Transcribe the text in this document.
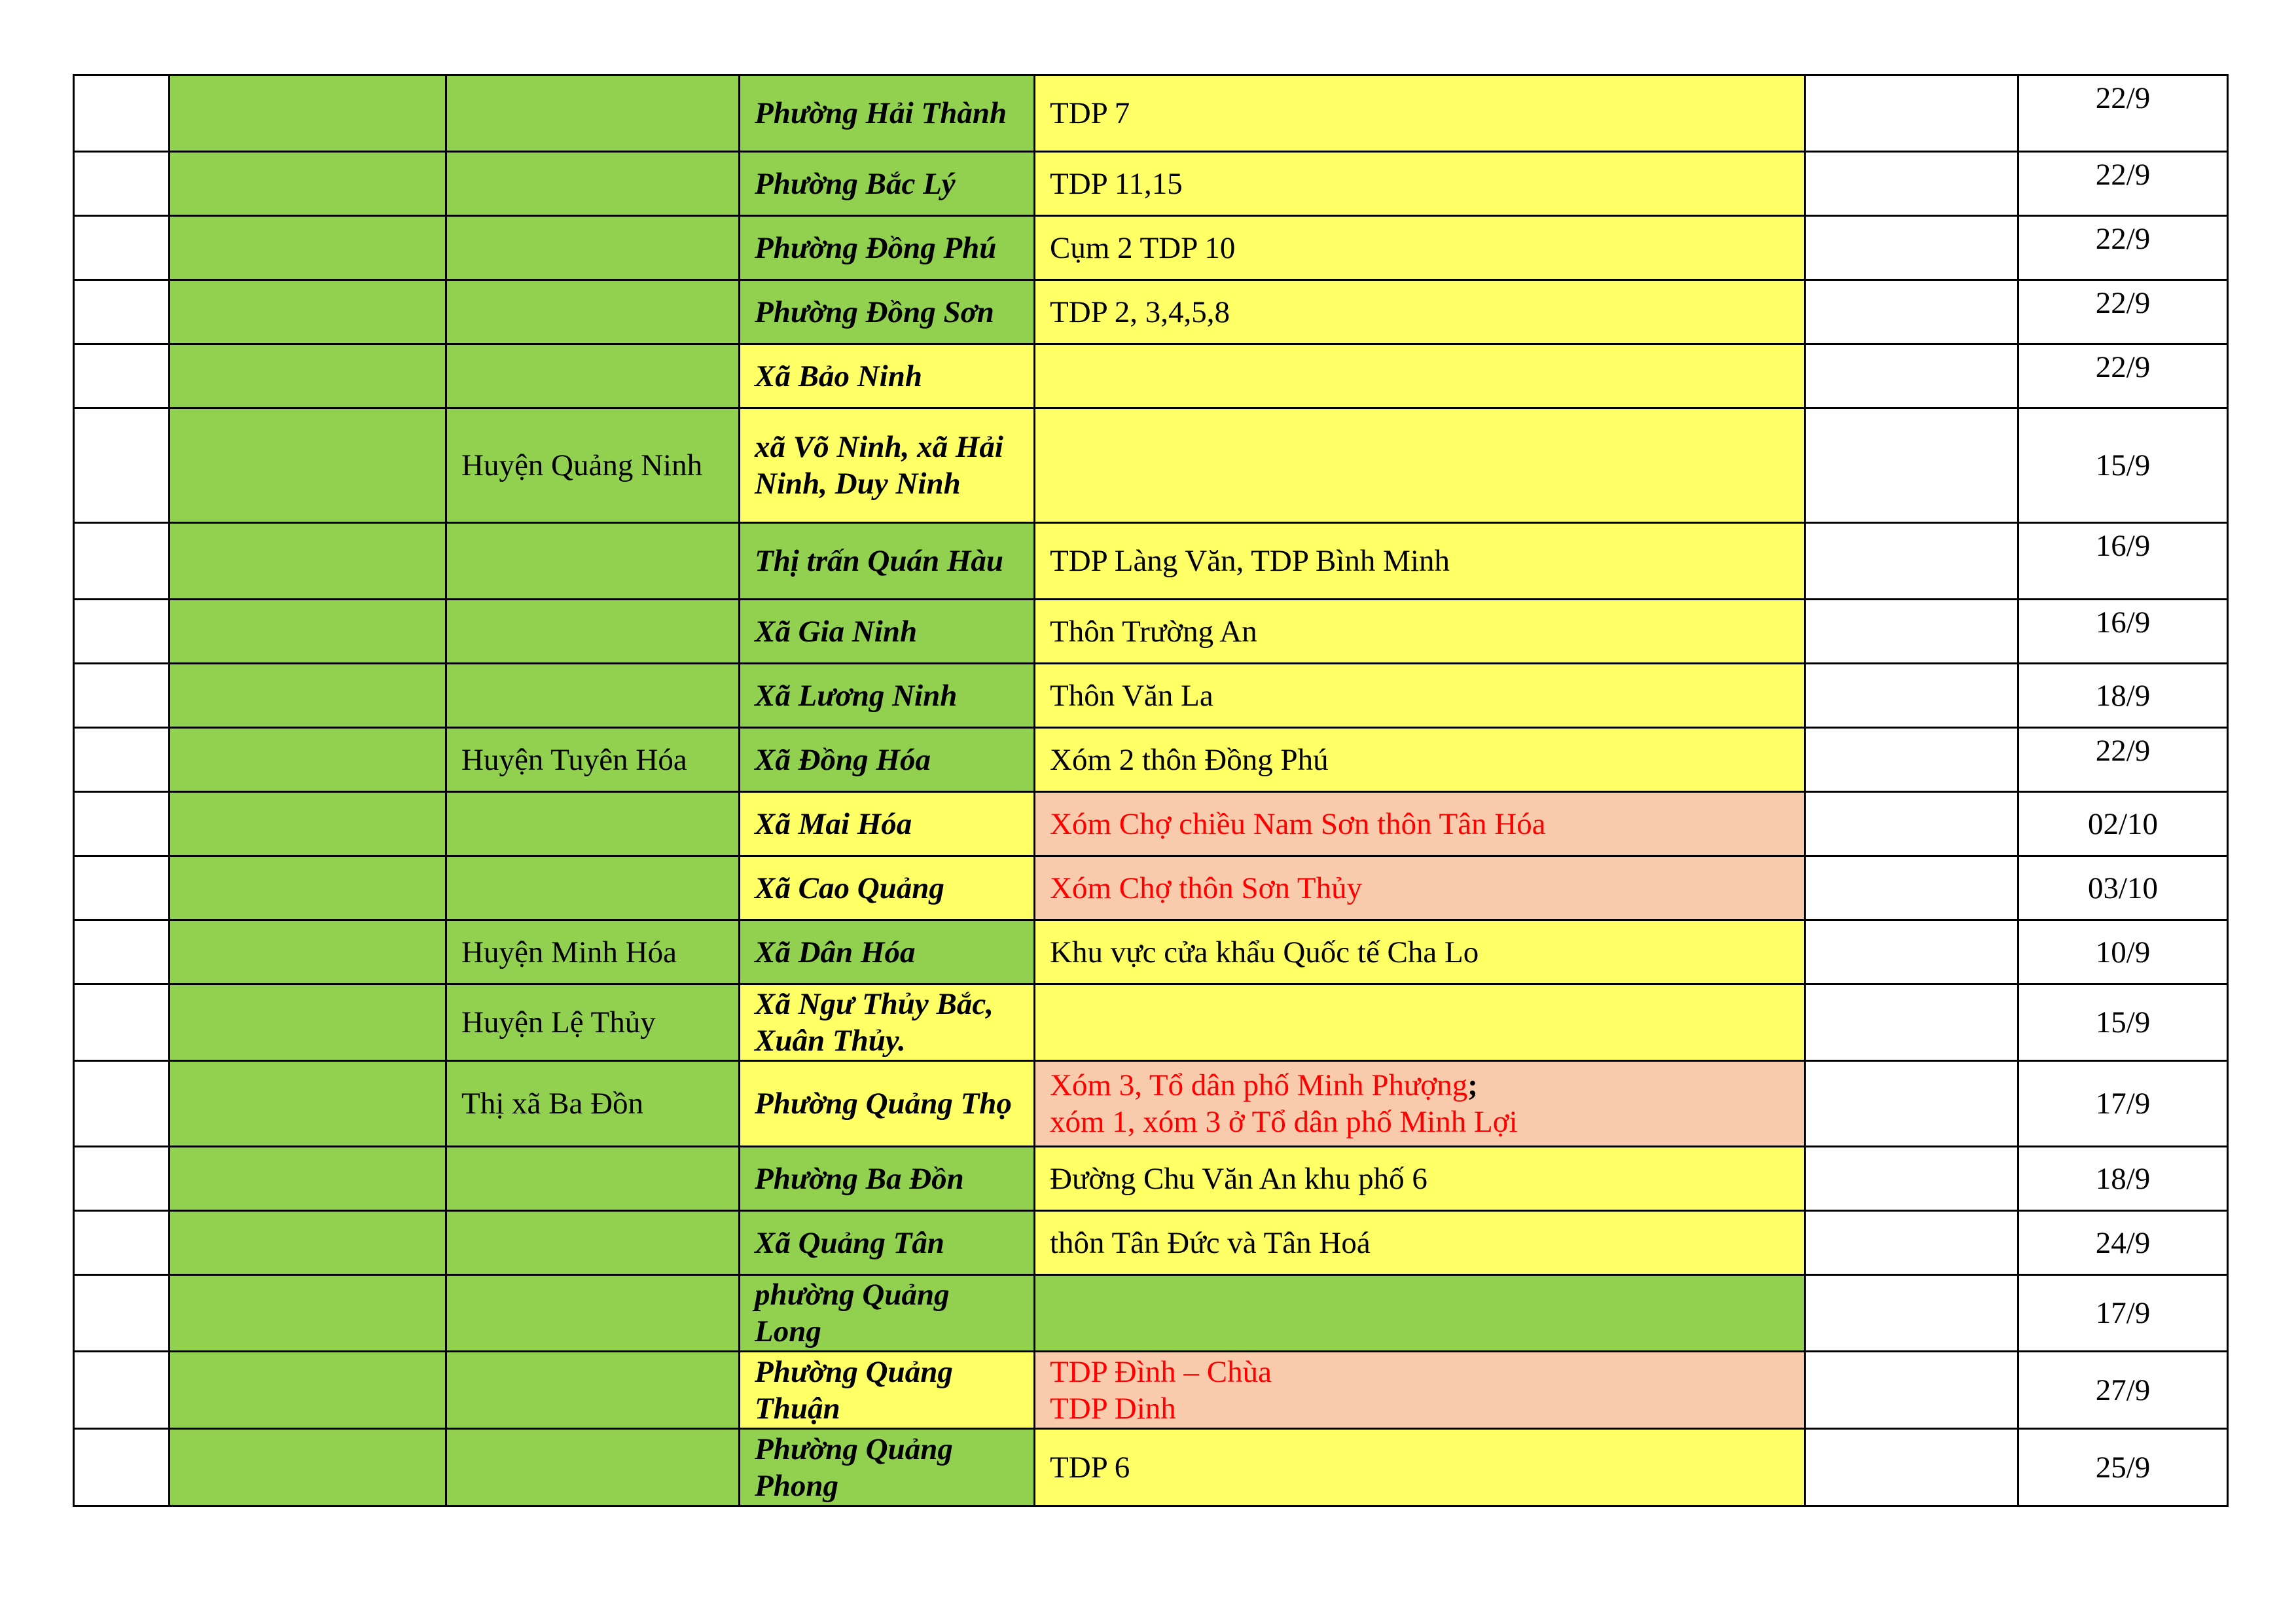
			Phường Hải Thành	TDP 7		22/9
			Phường Bắc Lý	TDP 11,15		22/9
			Phường Đồng Phú	Cụm 2 TDP 10		22/9
			Phường Đồng Sơn	TDP 2, 3,4,5,8		22/9
			Xã Bảo Ninh			22/9
		Huyện Quảng Ninh	xã Võ Ninh, xã Hải Ninh, Duy Ninh			15/9
			Thị trấn Quán Hàu	TDP Làng Văn, TDP Bình Minh		16/9
			Xã Gia Ninh	Thôn Trường An		16/9
			Xã Lương Ninh	Thôn Văn La		18/9
		Huyện Tuyên Hóa	Xã Đồng Hóa	Xóm 2 thôn Đồng Phú		22/9
			Xã Mai Hóa	Xóm Chợ chiều Nam Sơn thôn Tân Hóa		02/10
			Xã Cao Quảng	Xóm Chợ thôn Sơn Thủy		03/10
		Huyện Minh Hóa	Xã Dân Hóa	Khu vực cửa khẩu Quốc tế Cha Lo		10/9
		Huyện Lệ Thủy	Xã Ngư Thủy Bắc, Xuân Thủy.			15/9
		Thị xã Ba Đồn	Phường Quảng Thọ	Xóm 3, Tổ dân phố Minh Phượng;
xóm 1, xóm 3 ở Tổ dân phố Minh Lợi		17/9
			Phường Ba Đồn	Đường Chu Văn An khu phố 6		18/9
			Xã Quảng Tân	thôn Tân Đức và Tân Hoá		24/9
			phường Quảng Long			17/9
			Phường Quảng Thuận	TDP Đình – Chùa
TDP Dinh		27/9
			Phường Quảng Phong	TDP 6		25/9
